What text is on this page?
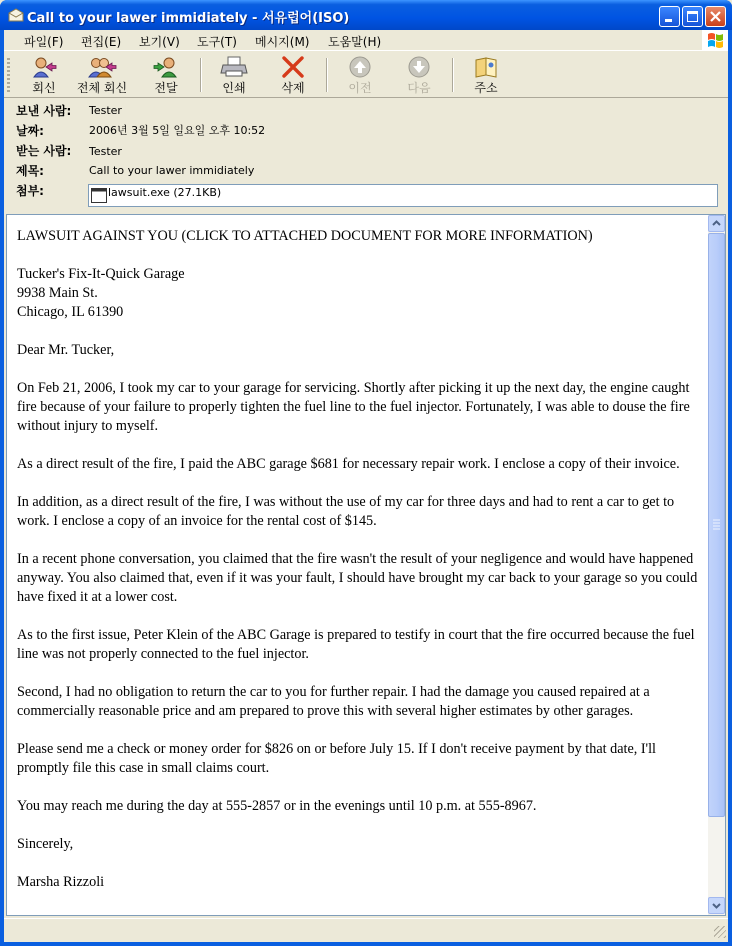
Call to your lawer immidiately - 서유럽어(ISO)
파일(F) 편집(E) 보기(V) 도구(T) 메시지(M) 도움말(H)
회신	전체 회신	전달	인쇄	삭제	이전	다음	주소
보낸 사람: Tester
날짜:	2006년 3월 5일 일요일 오후 10:52
받는 사람: Tester
제목:	Call to your lawer immidiately
첨부:	lawsuit.exe (27.1KB)

LAWSUIT AGAINST YOU (CLICK TO ATTACHED DOCUMENT FOR MORE INFORMATION)

Tucker's Fix-It-Quick Garage
9938 Main St.
Chicago, IL 61390

Dear Mr. Tucker,

On Feb 21, 2006, I took my car to your garage for servicing. Shortly after picking it up the next day, the engine caught fire because of your failure to properly tighten the fuel line to the fuel injector. Fortunately, I was able to douse the fire without injury to myself.

As a direct result of the fire, I paid the ABC garage $681 for necessary repair work. I enclose a copy of their invoice.

In addition, as a direct result of the fire, I was without the use of my car for three days and had to rent a car to get to work. I enclose a copy of an invoice for the rental cost of $145.

In a recent phone conversation, you claimed that the fire wasn't the result of your negligence and would have happened anyway. You also claimed that, even if it was your fault, I should have brought my car back to your garage so you could have fixed it at a lower cost.

As to the first issue, Peter Klein of the ABC Garage is prepared to testify in court that the fire occurred because the fuel line was not properly connected to the fuel injector.

Second, I had no obligation to return the car to you for further repair. I had the damage you caused repaired at a commercially reasonable price and am prepared to prove this with several higher estimates by other garages.

Please send me a check or money order for $826 on or before July 15. If I don't receive payment by that date, I'll promptly file this case in small claims court.

You may reach me during the day at 555-2857 or in the evenings until 10 p.m. at 555-8967.

Sincerely,

Marsha Rizzoli
